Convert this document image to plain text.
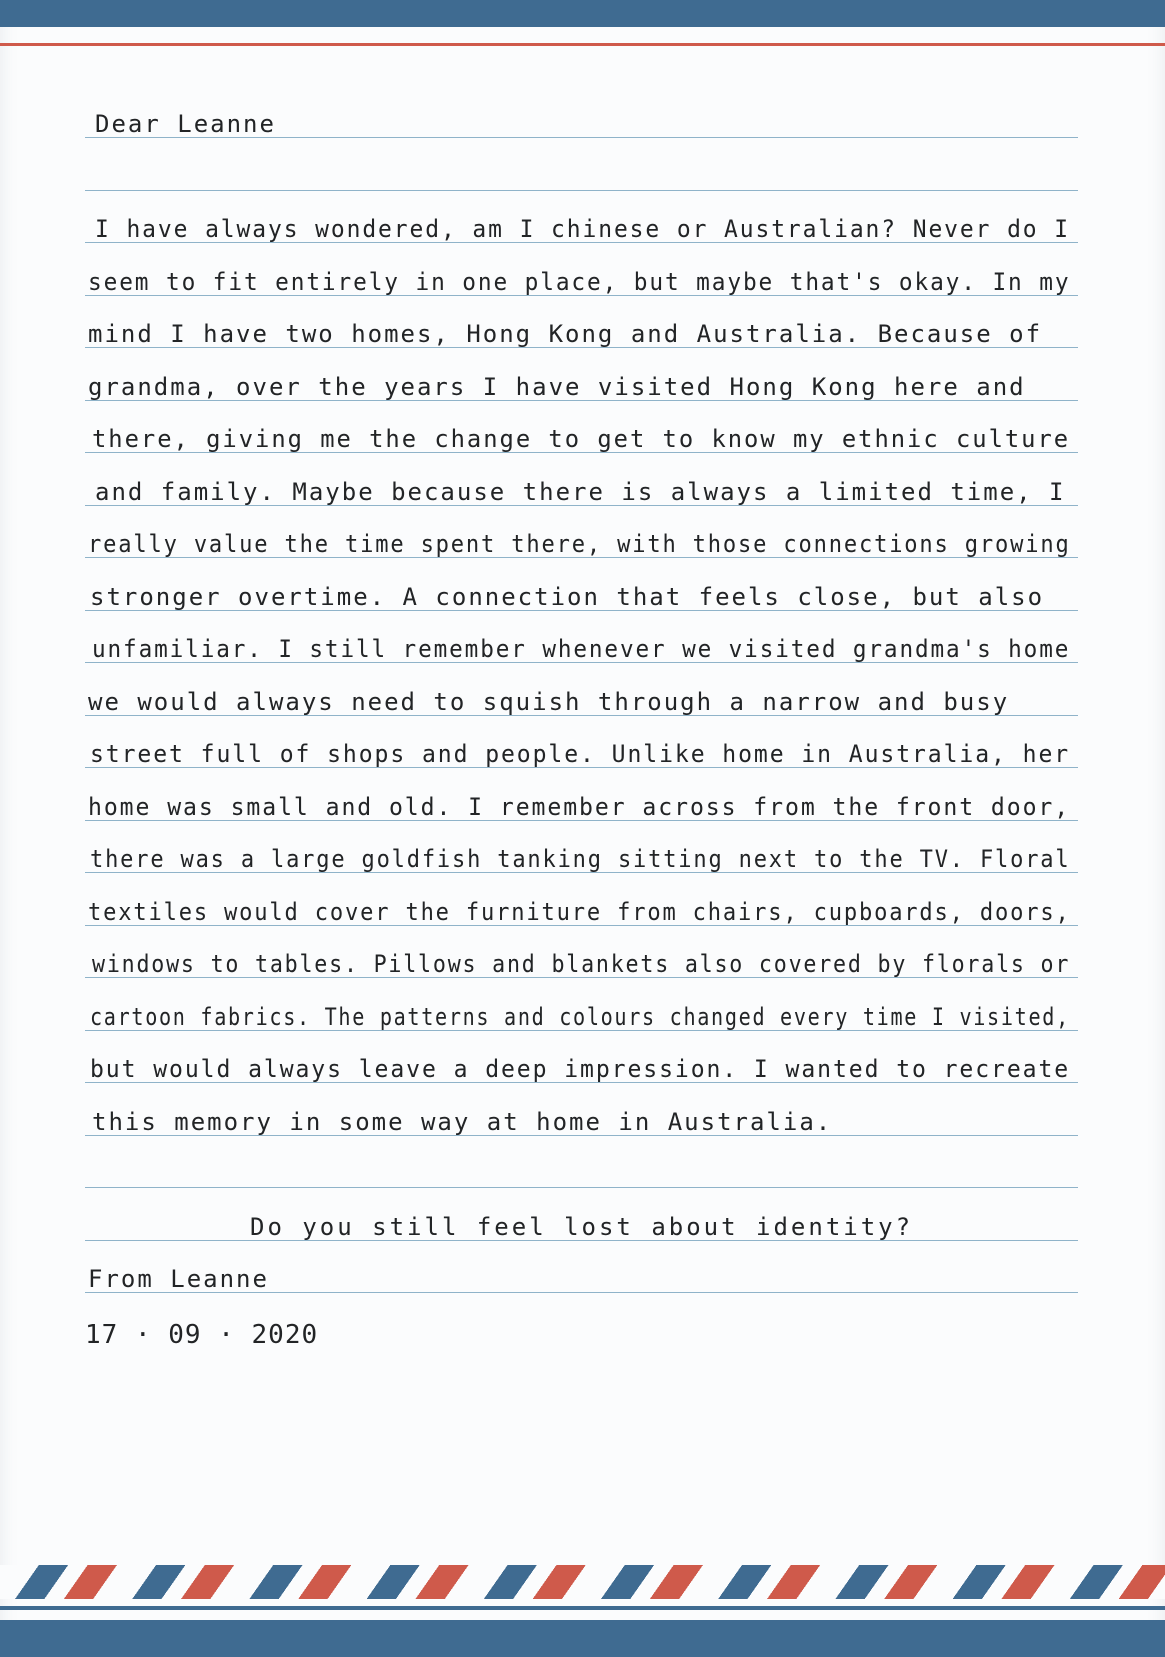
Dear Leanne
I have always wondered, am I chinese or Australian? Never do I
seem to fit entirely in one place, but maybe that's okay. In my
mind I have two homes, Hong Kong and Australia. Because of
grandma, over the years I have visited Hong Kong here and
there, giving me the change to get to know my ethnic culture
and family. Maybe because there is always a limited time, I
really value the time spent there, with those connections growing
stronger overtime. A connection that feels close, but also
unfamiliar. I still remember whenever we visited grandma's home
we would always need to squish through a narrow and busy
street full of shops and people. Unlike home in Australia, her
home was small and old. I remember across from the front door,
there was a large goldfish tanking sitting next to the TV. Floral
textiles would cover the furniture from chairs, cupboards, doors,
windows to tables. Pillows and blankets also covered by florals or
cartoon fabrics. The patterns and colours changed every time I visited,
but would always leave a deep impression. I wanted to recreate
this memory in some way at home in Australia.
Do you still feel lost about identity?
From Leanne
17 · 09 · 2020
